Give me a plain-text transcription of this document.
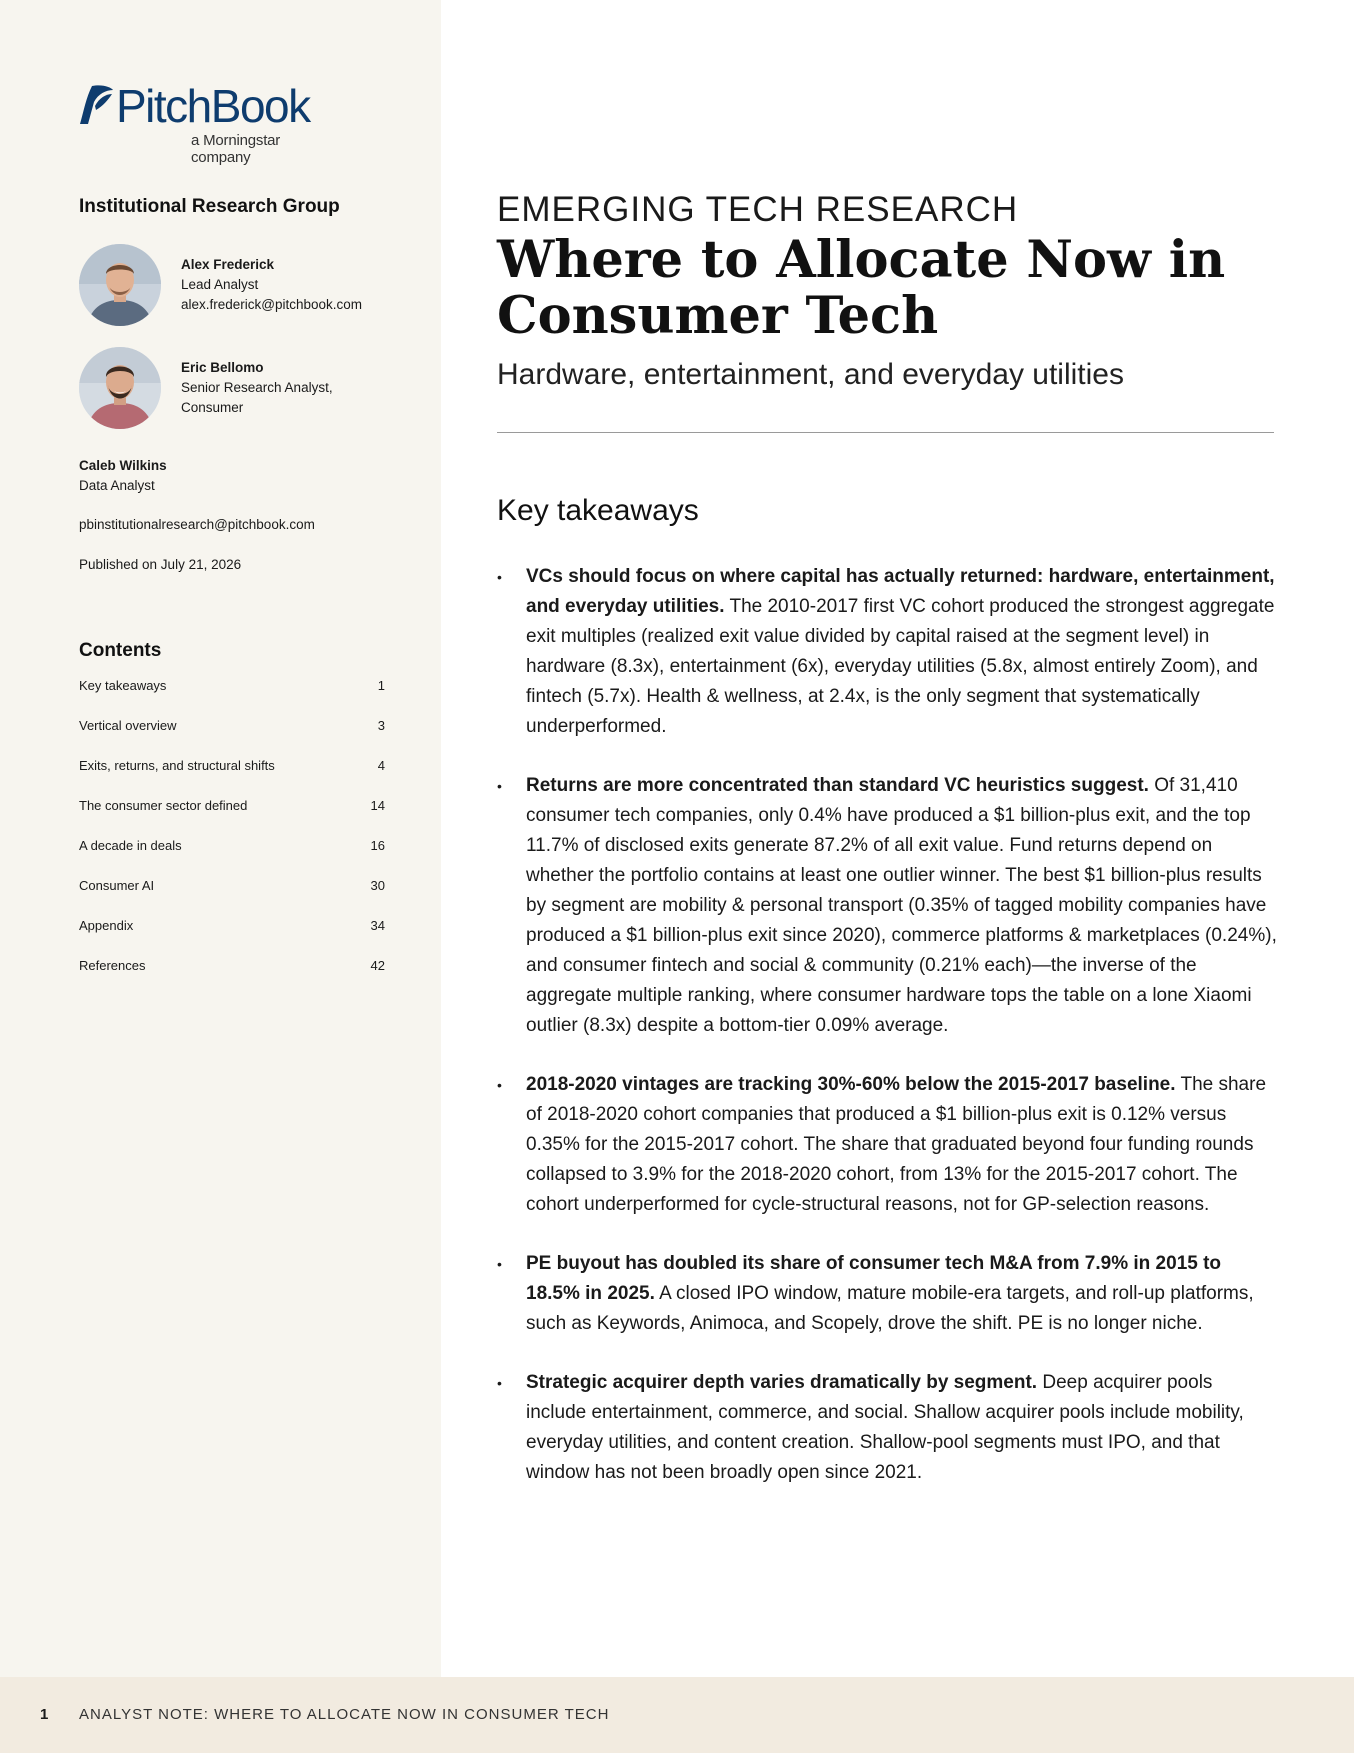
PitchBook
a Morningstar company
Institutional Research Group
Alex Frederick
Lead Analyst
alex.frederick@pitchbook.com
Eric Bellomo
Senior Research Analyst,
Consumer
Caleb Wilkins
Data Analyst
pbinstitutionalresearch@pitchbook.com
Published on July 21, 2026
Contents
Key takeaways	1
Vertical overview	3
Exits, returns, and structural shifts	4
The consumer sector defined	14
A decade in deals	16
Consumer AI	30
Appendix	34
References	42
EMERGING TECH RESEARCH
Where to Allocate Now in
Consumer Tech
Hardware, entertainment, and everyday utilities
Key takeaways
• VCs should focus on where capital has actually returned: hardware, entertainment, and everyday utilities. The 2010-2017 first VC cohort produced the strongest aggregate exit multiples (realized exit value divided by capital raised at the segment level) in hardware (8.3x), entertainment (6x), everyday utilities (5.8x, almost entirely Zoom), and fintech (5.7x). Health & wellness, at 2.4x, is the only segment that systematically underperformed.
• Returns are more concentrated than standard VC heuristics suggest. Of 31,410 consumer tech companies, only 0.4% have produced a $1 billion-plus exit, and the top 11.7% of disclosed exits generate 87.2% of all exit value. Fund returns depend on whether the portfolio contains at least one outlier winner. The best $1 billion-plus results by segment are mobility & personal transport (0.35% of tagged mobility companies have produced a $1 billion-plus exit since 2020), commerce platforms & marketplaces (0.24%), and consumer fintech and social & community (0.21% each)—the inverse of the aggregate multiple ranking, where consumer hardware tops the table on a lone Xiaomi outlier (8.3x) despite a bottom-tier 0.09% average.
• 2018-2020 vintages are tracking 30%-60% below the 2015-2017 baseline. The share of 2018-2020 cohort companies that produced a $1 billion-plus exit is 0.12% versus 0.35% for the 2015-2017 cohort. The share that graduated beyond four funding rounds collapsed to 3.9% for the 2018-2020 cohort, from 13% for the 2015-2017 cohort. The cohort underperformed for cycle-structural reasons, not for GP-selection reasons.
• PE buyout has doubled its share of consumer tech M&A from 7.9% in 2015 to 18.5% in 2025. A closed IPO window, mature mobile-era targets, and roll-up platforms, such as Keywords, Animoca, and Scopely, drove the shift. PE is no longer niche.
• Strategic acquirer depth varies dramatically by segment. Deep acquirer pools include entertainment, commerce, and social. Shallow acquirer pools include mobility, everyday utilities, and content creation. Shallow-pool segments must IPO, and that window has not been broadly open since 2021.
1 ANALYST NOTE: WHERE TO ALLOCATE NOW IN CONSUMER TECH
